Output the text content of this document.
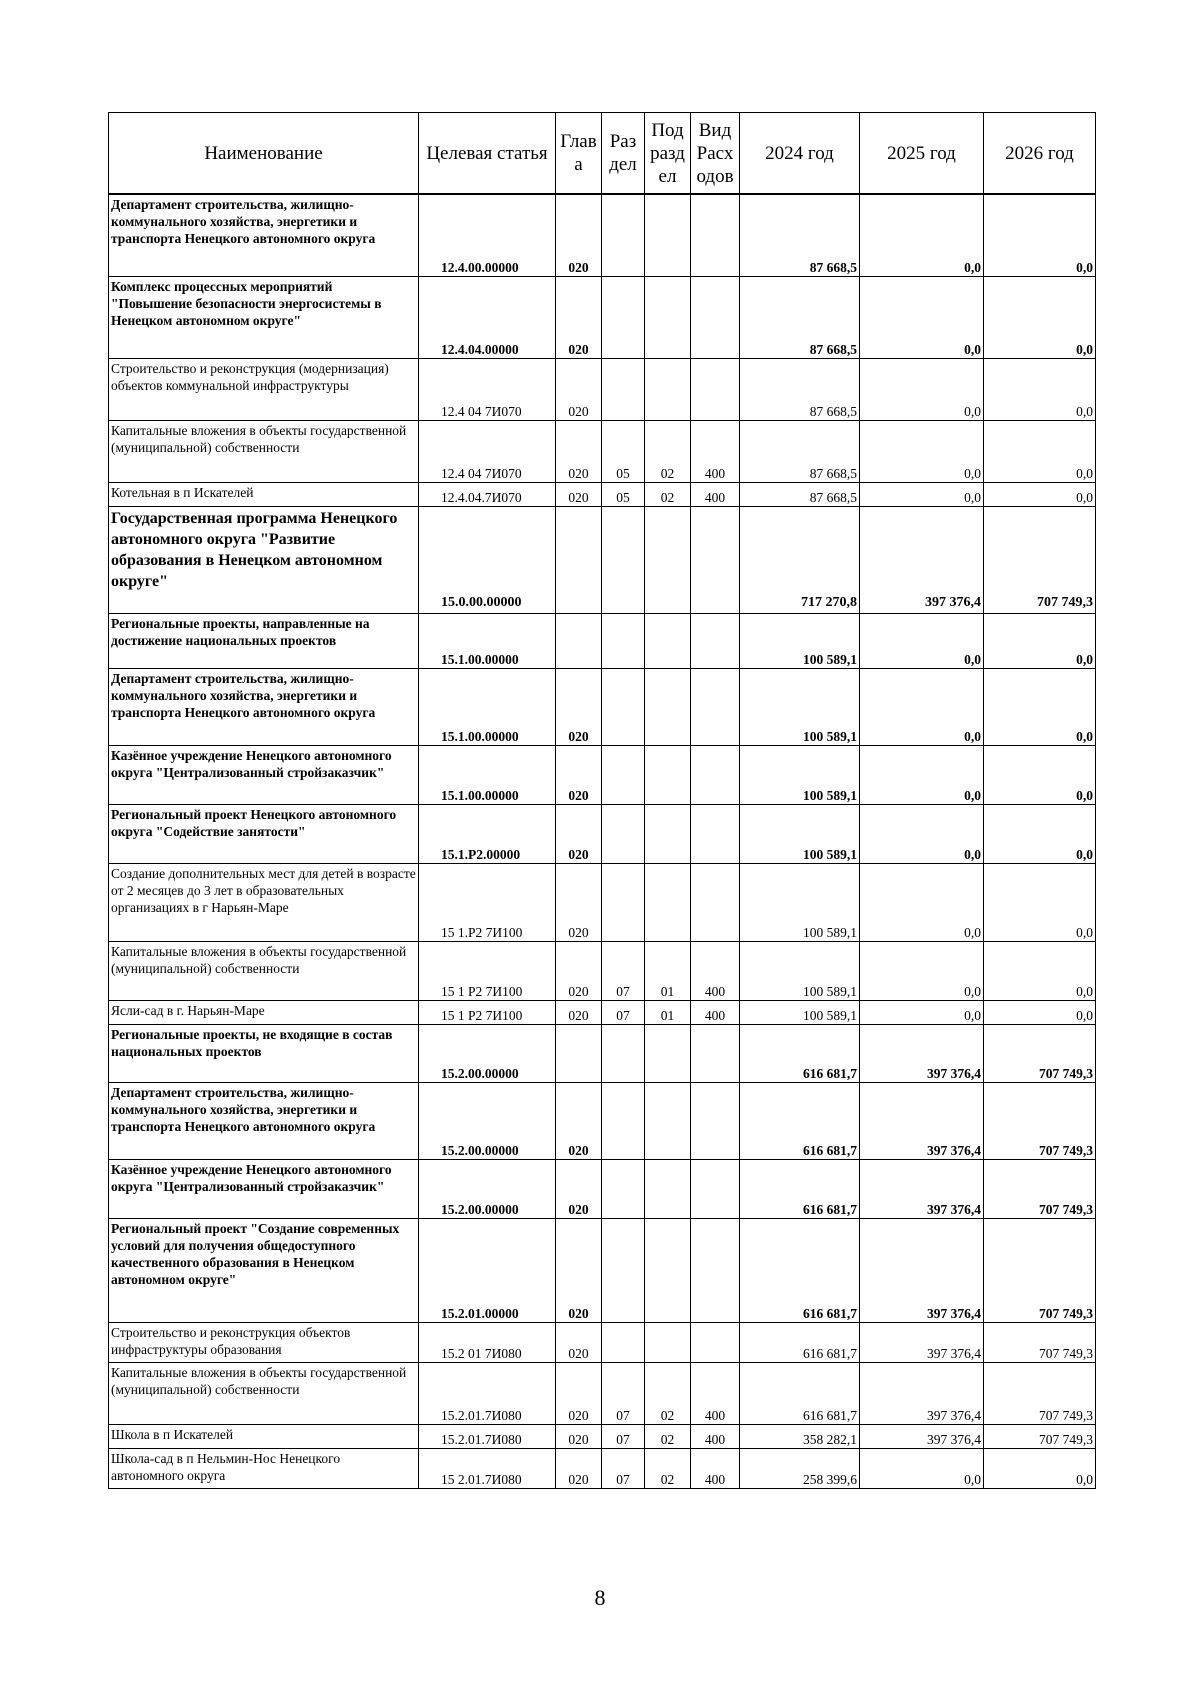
Наименование	Целевая статья	Глав а	Раз дел	Под разд ел	Вид Расх одов	2024 год	2025 год	2026 год
Департамент строительства, жилищно-коммунального хозяйства, энергетики и транспорта Ненецкого автономного округа	12.4.00.00000	020				87 668,5	0,0	0,0
Комплекс процессных мероприятий "Повышение безопасности энергосистемы в Ненецком автономном округе"	12.4.04.00000	020				87 668,5	0,0	0,0
Строительство и реконструкция (модернизация) объектов коммунальной инфраструктуры	12.4 04 7И070	020				87 668,5	0,0	0,0
Капитальные вложения в объекты государственной (муниципальной) собственности	12.4 04 7И070	020	05	02	400	87 668,5	0,0	0,0
Котельная в п Искателей	12.4.04.7И070	020	05	02	400	87 668,5	0,0	0,0
Государственная программа Ненецкого автономного округа "Развитие образования в Ненецком автономном округе"	15.0.00.00000					717 270,8	397 376,4	707 749,3
Региональные проекты, направленные на достижение национальных проектов	15.1.00.00000					100 589,1	0,0	0,0
Департамент строительства, жилищно-коммунального хозяйства, энергетики и транспорта Ненецкого автономного округа	15.1.00.00000	020				100 589,1	0,0	0,0
Казённое учреждение Ненецкого автономного округа "Централизованный стройзаказчик"	15.1.00.00000	020				100 589,1	0,0	0,0
Региональный проект Ненецкого автономного округа "Содействие занятости"	15.1.Р2.00000	020				100 589,1	0,0	0,0
Создание дополнительных мест для детей в возрасте от 2 месяцев до 3 лет в образовательных организациях в г Нарьян-Маре	15 1.Р2 7И100	020				100 589,1	0,0	0,0
Капитальные вложения в объекты государственной (муниципальной) собственности	15 1 Р2 7И100	020	07	01	400	100 589,1	0,0	0,0
Ясли-сад в г. Нарьян-Маре	15 1 Р2 7И100	020	07	01	400	100 589,1	0,0	0,0
Региональные проекты, не входящие в состав национальных проектов	15.2.00.00000					616 681,7	397 376,4	707 749,3
Департамент строительства, жилищно-коммунального хозяйства, энергетики и транспорта Ненецкого автономного округа	15.2.00.00000	020				616 681,7	397 376,4	707 749,3
Казённое учреждение Ненецкого автономного округа "Централизованный стройзаказчик"	15.2.00.00000	020				616 681,7	397 376,4	707 749,3
Региональный проект "Создание современных условий для получения общедоступного качественного образования в Ненецком автономном округе"	15.2.01.00000	020				616 681,7	397 376,4	707 749,3
Строительство и реконструкция объектов инфраструктуры образования	15.2 01 7И080	020				616 681,7	397 376,4	707 749,3
Капитальные вложения в объекты государственной (муниципальной) собственности	15.2.01.7И080	020	07	02	400	616 681,7	397 376,4	707 749,3
Школа в п Искателей	15.2.01.7И080	020	07	02	400	358 282,1	397 376,4	707 749,3
Школа-сад в п Нельмин-Нос Ненецкого автономного округа	15 2.01.7И080	020	07	02	400	258 399,6	0,0	0,0
8
